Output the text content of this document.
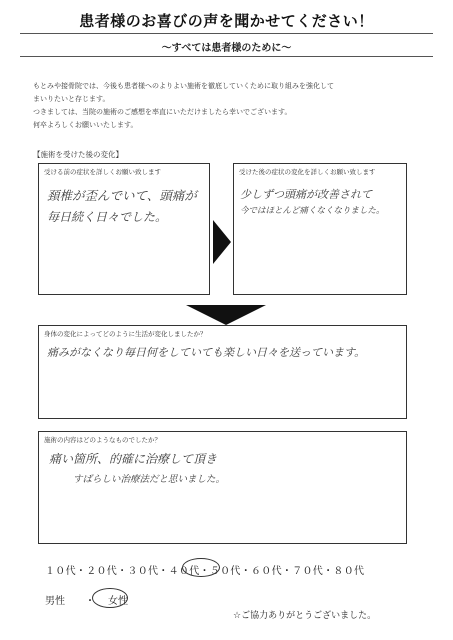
患者様のお喜びの声を聞かせてください！
～すべては患者様のために～
もとみや接骨院では、今後も患者様へのよりよい施術を徹底していくために取り組みを強化して
まいりたいと存じます。
つきましては、当院の施術のご感想を率直にいただけましたら幸いでございます。
何卒よろしくお願いいたします。
【施術を受けた後の変化】
受ける前の症状を詳しくお願い致します
頚椎が歪んでいて、頭痛が
毎日続く日々でした。
受けた後の症状の変化を詳しくお願い致します
少しずつ頭痛が改善されて
今ではほとんど痛くなくなりました。
身体の変化によってどのように生活が変化しましたか？
痛みがなくなり毎日何をしていても楽しい日々を送っています。
施術の内容はどのようなものでしたか？
痛い箇所、的確に治療して頂き
すばらしい治療法だと思いました。
１０代・２０代・３０代・４０代・５０代・６０代・７０代・８０代
男性 ・ 女性
☆ご協力ありがとうございました。
